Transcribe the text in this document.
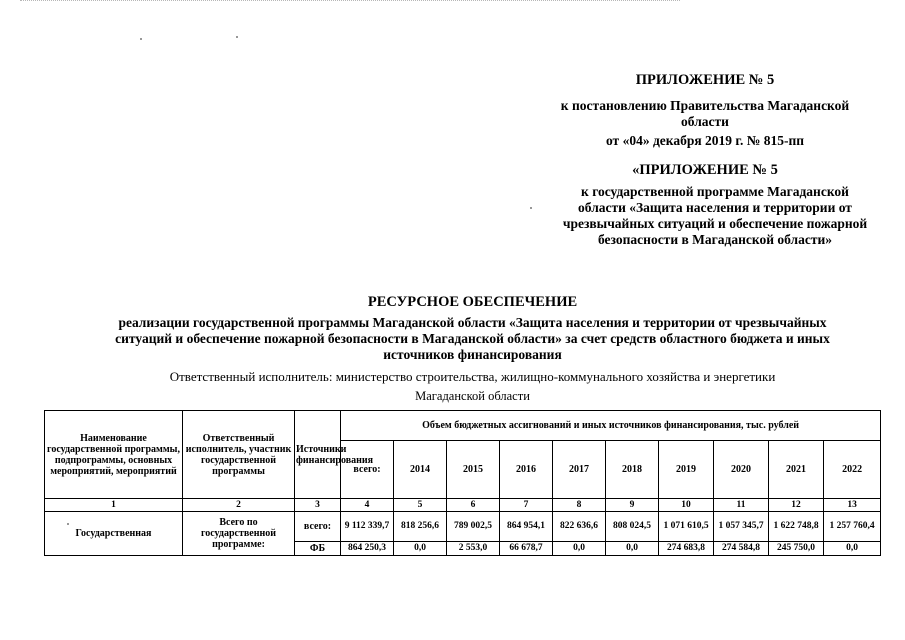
ПРИЛОЖЕНИЕ № 5
к постановлению Правительства Магаданской области
от «04» декабря 2019 г. № 815-пп
«ПРИЛОЖЕНИЕ № 5
к государственной программе Магаданской области «Защита населения и территории от чрезвычайных ситуаций и обеспечение пожарной безопасности в Магаданской области»
РЕСУРСНОЕ ОБЕСПЕЧЕНИЕ
реализации государственной программы Магаданской области «Защита населения и территории от чрезвычайных ситуаций и обеспечение пожарной безопасности в Магаданской области» за счет средств областного бюджета и иных источников финансирования
Ответственный исполнитель: министерство строительства, жилищно-коммунального хозяйства и энергетики
Магаданской области
Наименование государственной программы, подпрограммы, основных мероприятий, мероприятий	Ответственный исполнитель, участник государственной программы	Источники финансирования	Объем бюджетных ассигнований и иных источников финансирования, тыс. рублей									
			всего:	2014	2015	2016	2017	2018	2019	2020	2021	2022
1	2	3	4	5	6	7	8	9	10	11	12	13
Государственная	Всего по государственной программе:	всего:	9 112 339,7	818 256,6	789 002,5	864 954,1	822 636,6	808 024,5	1 071 610,5	1 057 345,7	1 622 748,8	1 257 760,4
		ФБ	864 250,3	0,0	2 553,0	66 678,7	0,0	0,0	274 683,8	274 584,8	245 750,0	0,0
